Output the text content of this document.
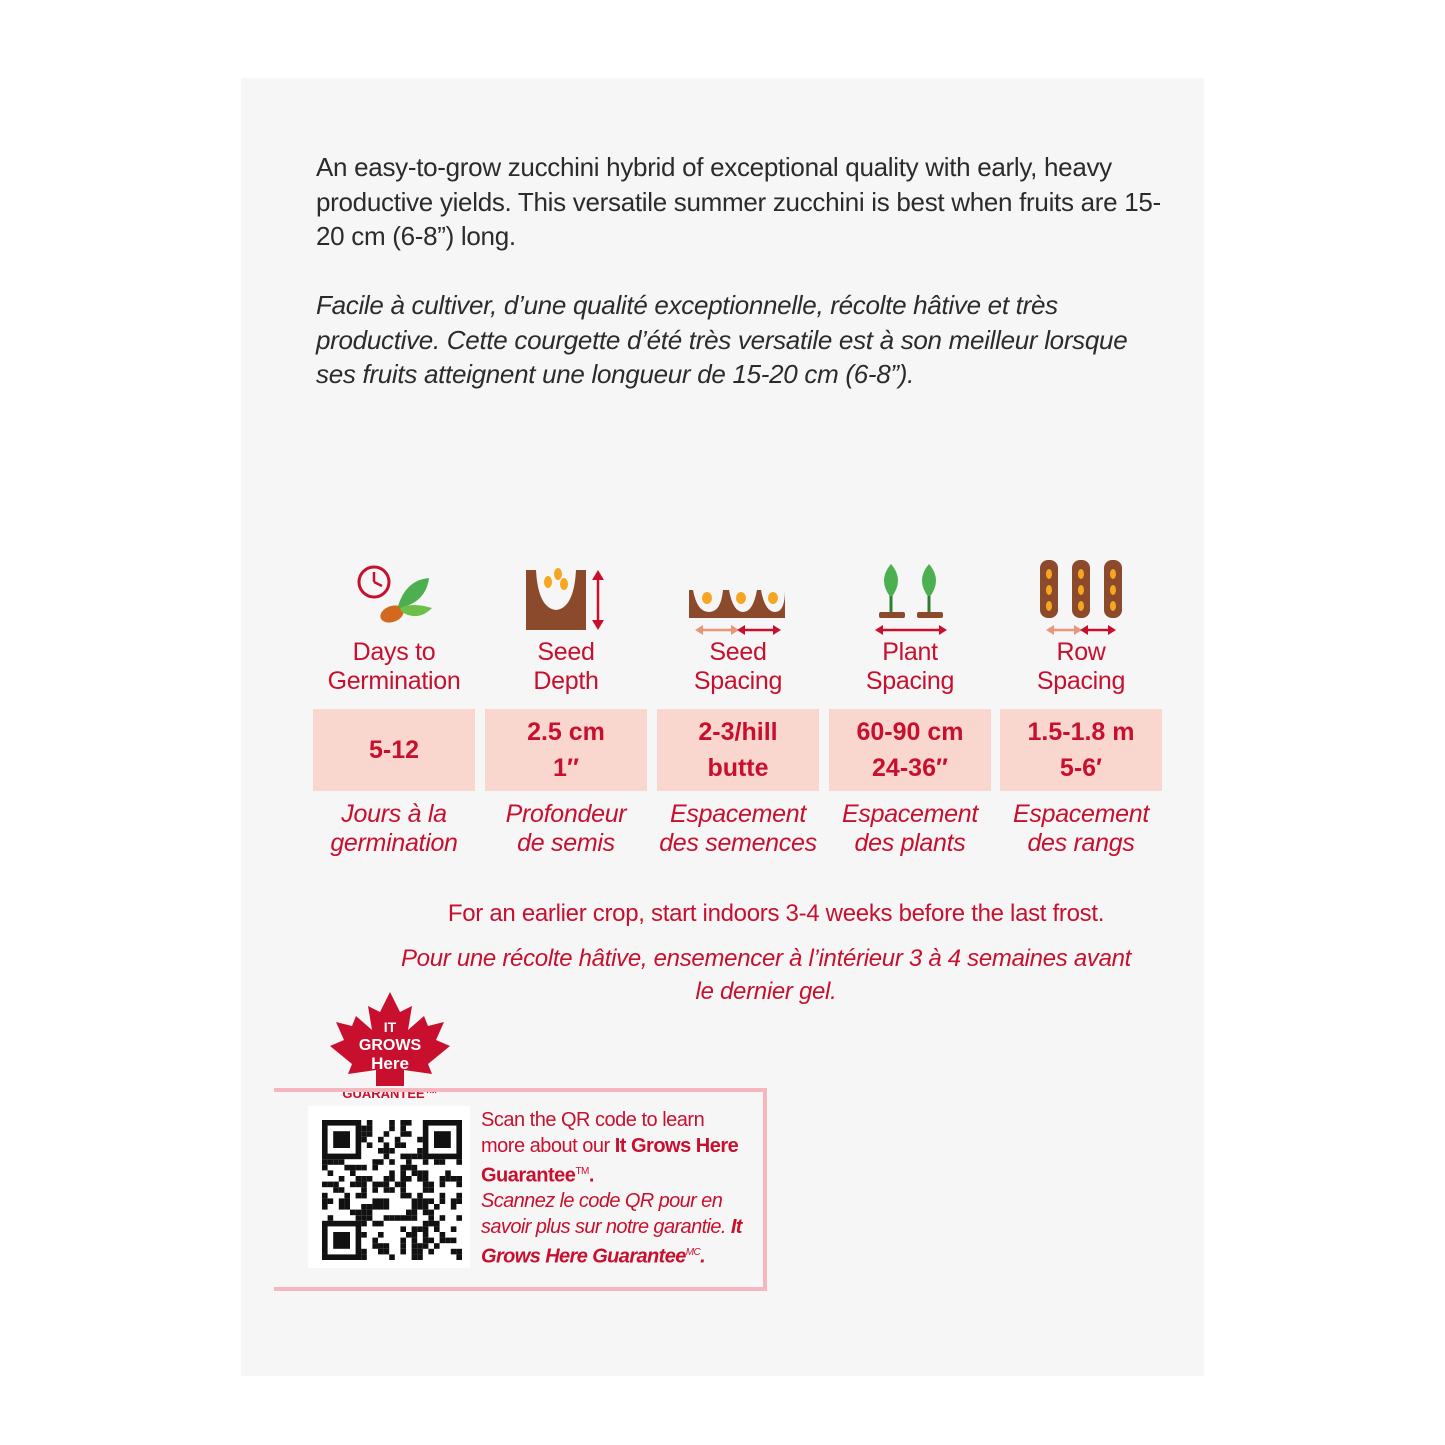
An easy-to-grow zucchini hybrid of exceptional quality with early, heavy productive yields. This versatile summer zucchini is best when fruits are 15-20 cm (6-8”) long.

Facile à cultiver, d’une qualité exceptionnelle, récolte hâtive et très productive. Cette courgette d’été très versatile est à son meilleur lorsque ses fruits atteignent une longueur de 15-20 cm (6-8”).

Days to
Germination
5-12
Jours à la
germination
Seed
Depth
2.5 cm
1″
Profondeur
de semis
Seed
Spacing
2-3/hill
butte
Espacement
des semences
Plant
Spacing
60-90 cm
24-36″
Espacement
des plants
Row
Spacing
1.5-1.8 m
5-6′
Espacement
des rangs
For an earlier crop, start indoors 3-4 weeks before the last frost.
Pour une récolte hâtive, ensemencer à l’intérieur 3 à 4 semaines avant le dernier gel.
IT
GROWS
Here
GUARANTEE™
Scan the QR code to learn more about our It Grows Here Guarantee™.
Scannez le code QR pour en savoir plus sur notre garantie. It Grows Here Guarantee$^{MC}$.
